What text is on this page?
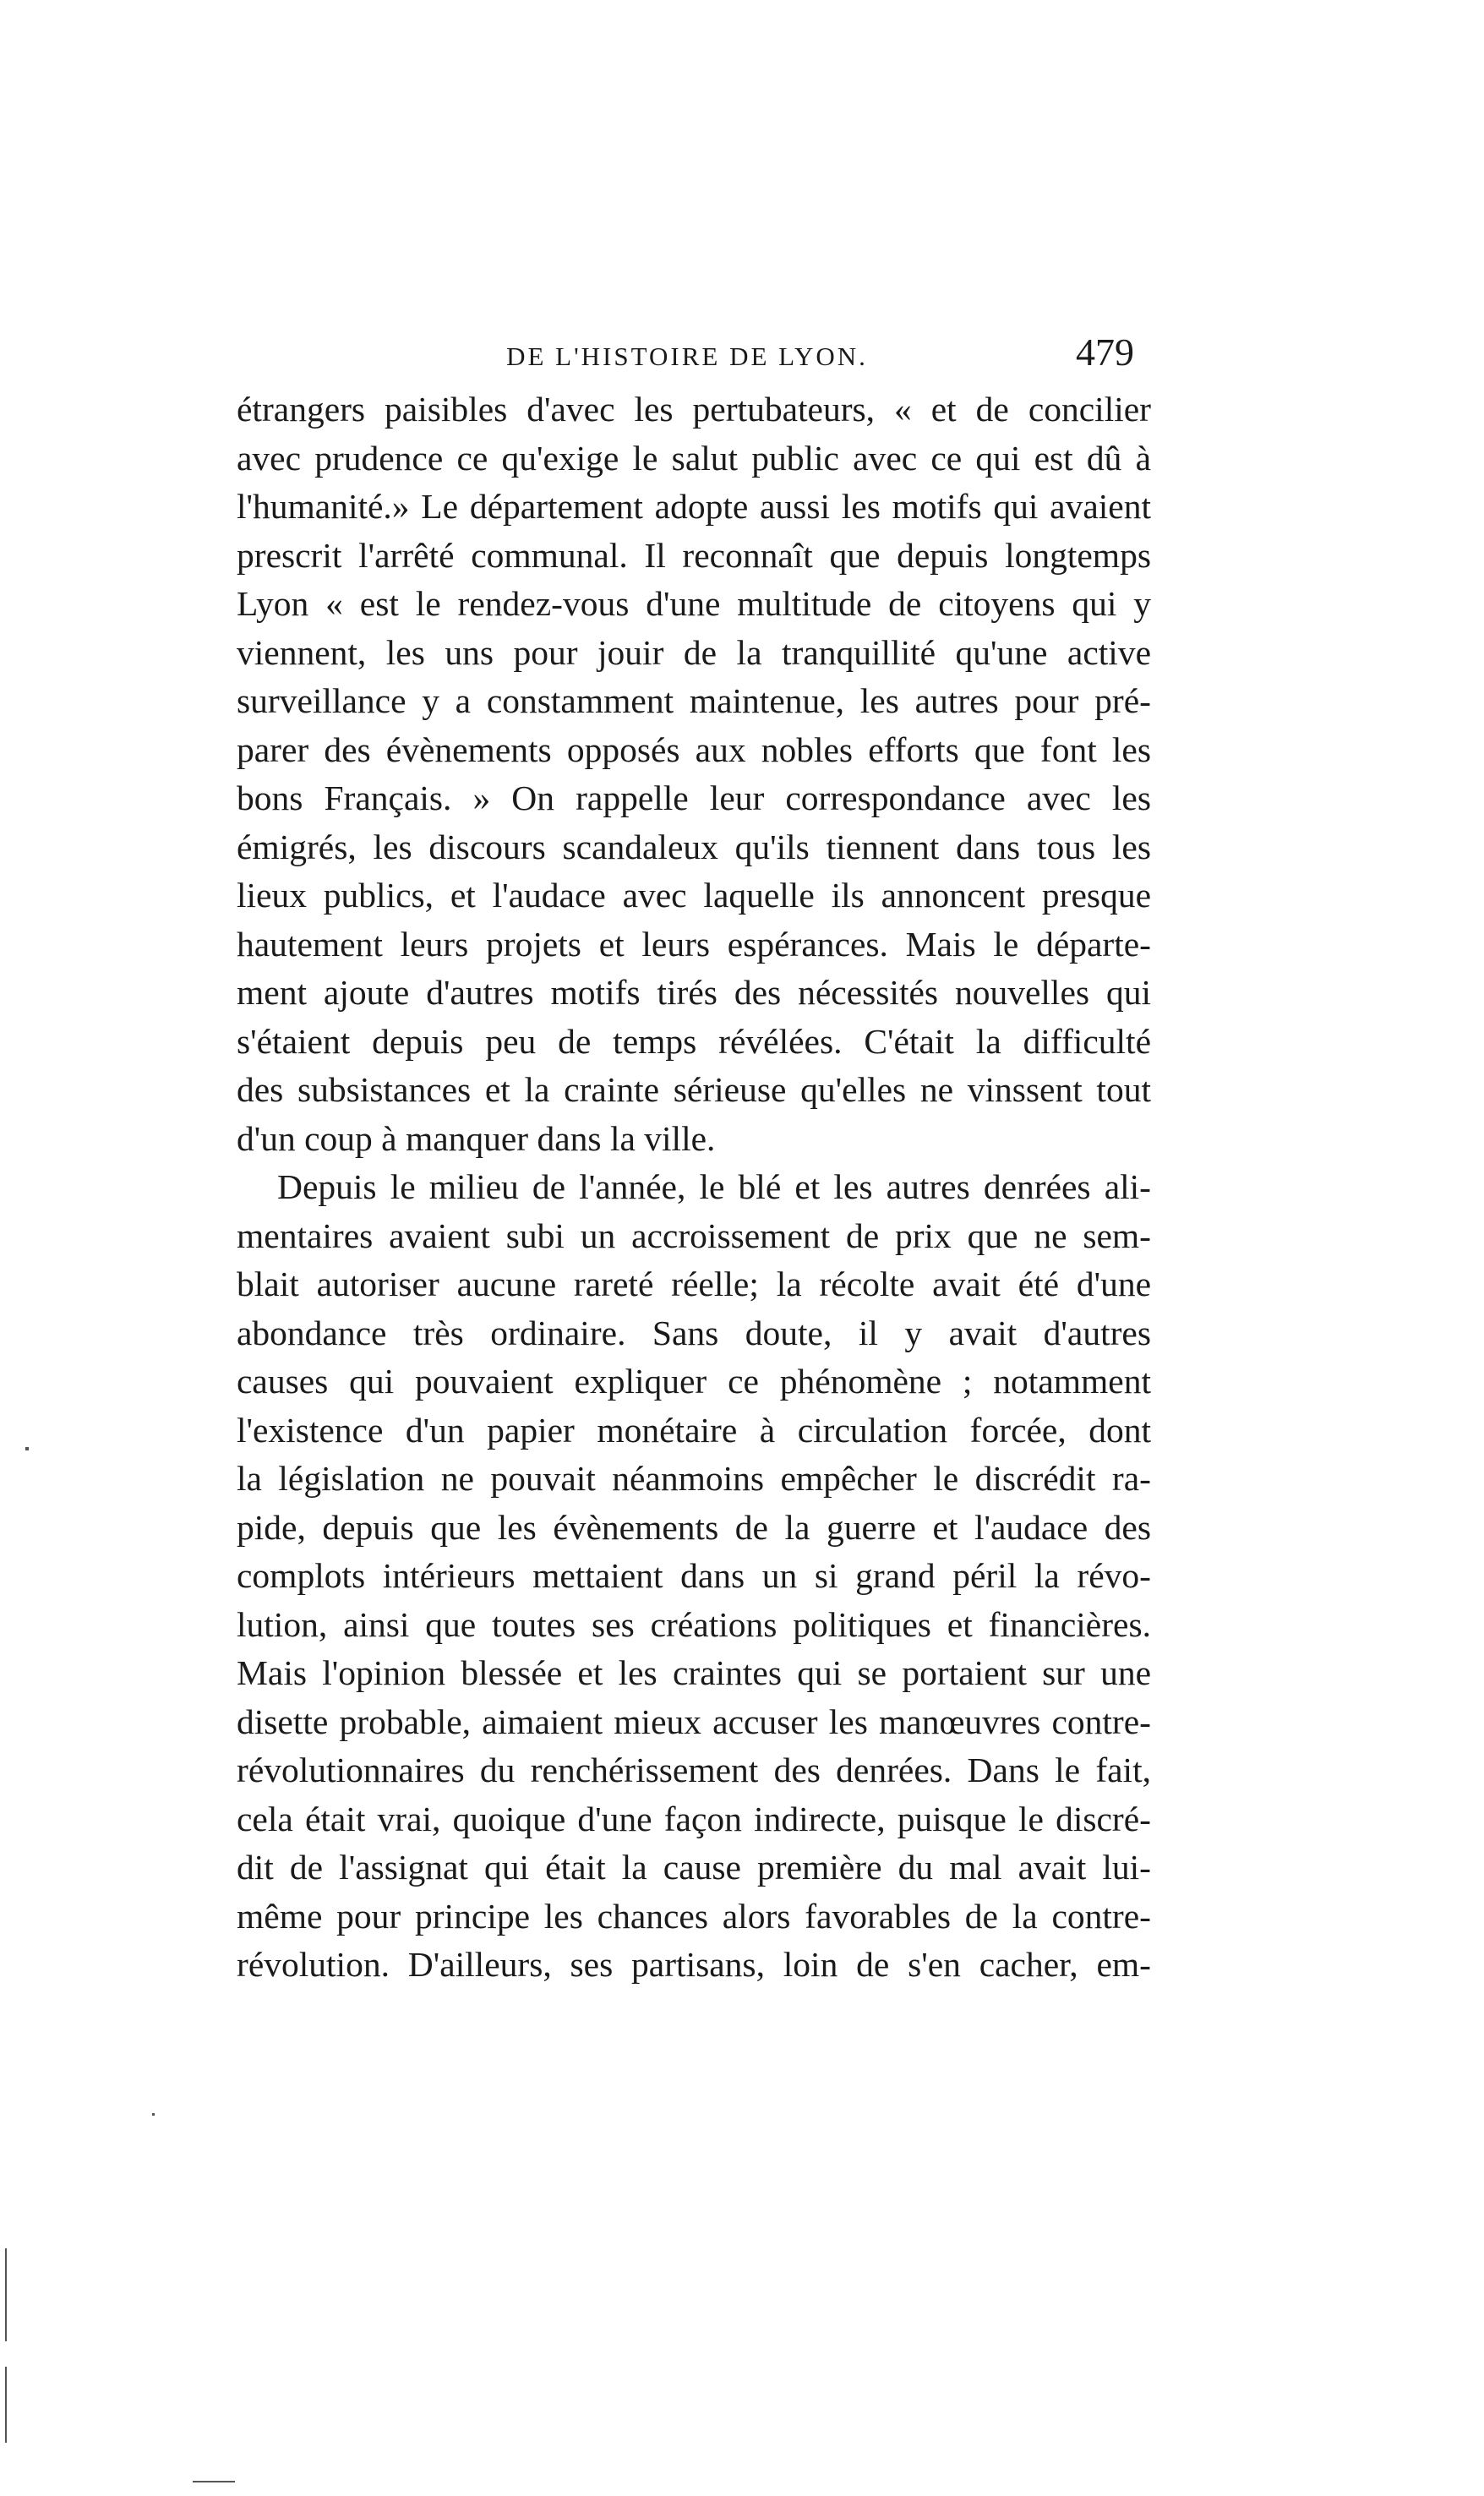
DE L'HISTOIRE DE LYON.	479
étrangers paisibles d'avec les pertubateurs, « et de concilier
avec prudence ce qu'exige le salut public avec ce qui est dû à
l'humanité.» Le département adopte aussi les motifs qui avaient
prescrit l'arrêté communal. Il reconnaît que depuis longtemps
Lyon « est le rendez-vous d'une multitude de citoyens qui y
viennent, les uns pour jouir de la tranquillité qu'une active
surveillance y a constamment maintenue, les autres pour pré-
parer des évènements opposés aux nobles efforts que font les
bons Français. » On rappelle leur correspondance avec les
émigrés, les discours scandaleux qu'ils tiennent dans tous les
lieux publics, et l'audace avec laquelle ils annoncent presque
hautement leurs projets et leurs espérances. Mais le départe-
ment ajoute d'autres motifs tirés des nécessités nouvelles qui
s'étaient depuis peu de temps révélées. C'était la difficulté
des subsistances et la crainte sérieuse qu'elles ne vinssent tout
d'un coup à manquer dans la ville.
Depuis le milieu de l'année, le blé et les autres denrées ali-
mentaires avaient subi un accroissement de prix que ne sem-
blait autoriser aucune rareté réelle; la récolte avait été d'une
abondance très ordinaire. Sans doute, il y avait d'autres
causes qui pouvaient expliquer ce phénomène ; notamment
l'existence d'un papier monétaire à circulation forcée, dont
la législation ne pouvait néanmoins empêcher le discrédit ra-
pide, depuis que les évènements de la guerre et l'audace des
complots intérieurs mettaient dans un si grand péril la révo-
lution, ainsi que toutes ses créations politiques et financières.
Mais l'opinion blessée et les craintes qui se portaient sur une
disette probable, aimaient mieux accuser les manœuvres contre-
révolutionnaires du renchérissement des denrées. Dans le fait,
cela était vrai, quoique d'une façon indirecte, puisque le discré-
dit de l'assignat qui était la cause première du mal avait lui-
même pour principe les chances alors favorables de la contre-
révolution. D'ailleurs, ses partisans, loin de s'en cacher, em-
